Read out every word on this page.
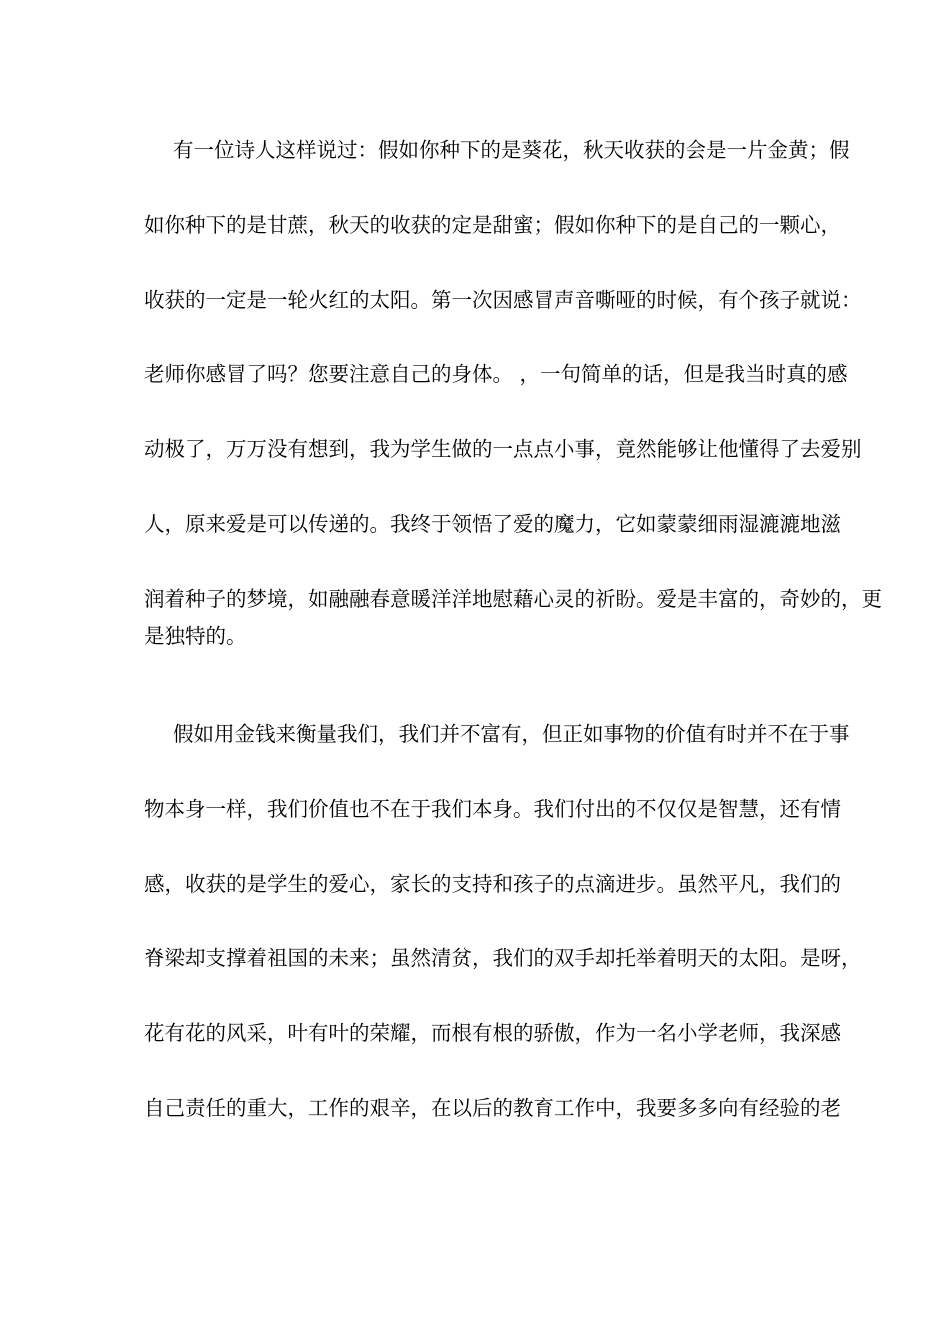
有一位诗人这样说过：假如你种下的是葵花，秋天收获的会是一片金黄；假
如你种下的是甘蔗，秋天的收获的定是甜蜜；假如你种下的是自己的一颗心，
收获的一定是一轮火红的太阳。第一次因感冒声音嘶哑的时候，有个孩子就说：
老师你感冒了吗？您要注意自己的身体。 ，一句简单的话，但是我当时真的感
动极了，万万没有想到，我为学生做的一点点小事，竟然能够让他懂得了去爱别
人，原来爱是可以传递的。我终于领悟了爱的魔力，它如蒙蒙细雨湿漉漉地滋
润着种子的梦境，如融融春意暖洋洋地慰藉心灵的祈盼。爱是丰富的，奇妙的，更
是独特的。
假如用金钱来衡量我们，我们并不富有，但正如事物的价值有时并不在于事
物本身一样，我们价值也不在于我们本身。我们付出的不仅仅是智慧，还有情
感，收获的是学生的爱心，家长的支持和孩子的点滴进步。虽然平凡，我们的
脊梁却支撑着祖国的未来；虽然清贫，我们的双手却托举着明天的太阳。是呀，
花有花的风采，叶有叶的荣耀，而根有根的骄傲，作为一名小学老师，我深感
自己责任的重大，工作的艰辛，在以后的教育工作中，我要多多向有经验的老
